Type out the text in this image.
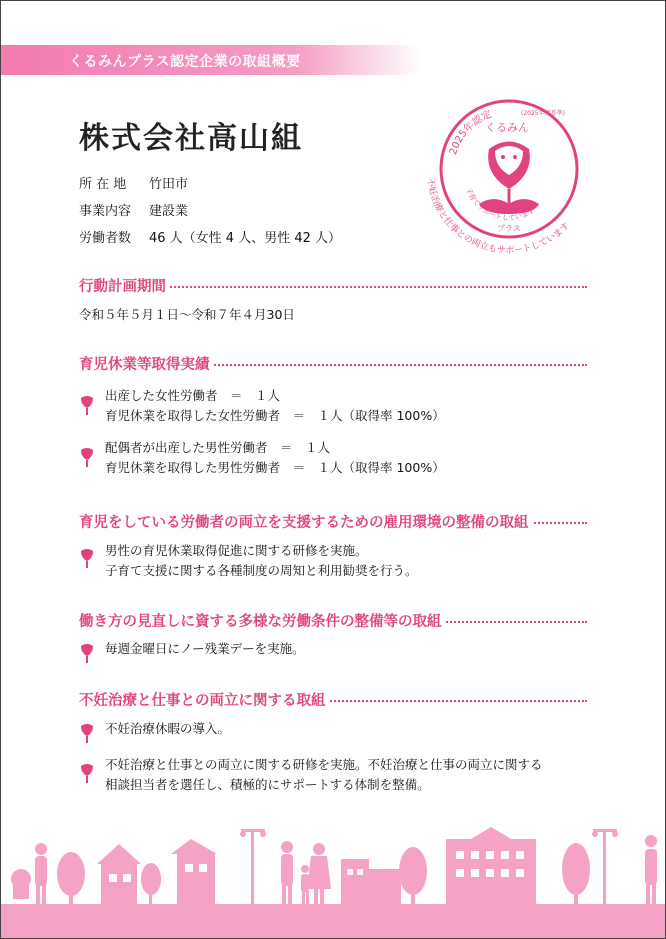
くるみんプラス認定企業の取組概要
株式会社高山組
所 在 地 竹田市
事業内容 建設業
労働者数 46 人（女性 4 人、男性 42 人）
2025年認定	(2025年度基準)
くるみん
子育てサポートしています
プラス
不妊治療と仕事との両立もサポートしています
行動計画期間
令和５年５月１日～令和７年４月30日
育児休業等取得実績
出産した女性労働者　＝　１人
育児休業を取得した女性労働者　＝　１人（取得率 100%）
配偶者が出産した男性労働者　＝　１人
育児休業を取得した男性労働者　＝　１人（取得率 100%）
育児をしている労働者の両立を支援するための雇用環境の整備の取組
男性の育児休業取得促進に関する研修を実施。
子育て支援に関する各種制度の周知と利用勧奨を行う。
働き方の見直しに資する多様な労働条件の整備等の取組
毎週金曜日にノー残業デーを実施。
不妊治療と仕事との両立に関する取組
不妊治療休暇の導入。
不妊治療と仕事との両立に関する研修を実施。不妊治療と仕事の両立に関する
相談担当者を選任し、積極的にサポートする体制を整備。
